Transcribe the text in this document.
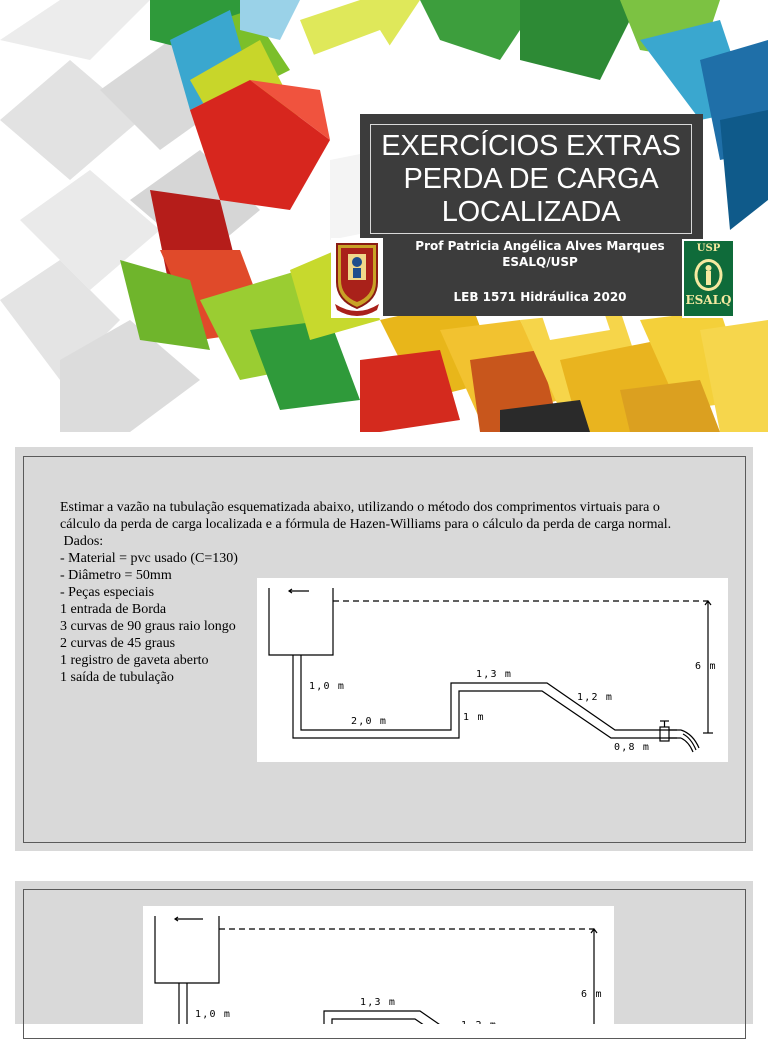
EXERCÍCIOS EXTRAS
PERDA DE CARGA
LOCALIZADA
Prof Patricia Angélica Alves Marques
ESALQ/USP
LEB 1571 Hidráulica 2020
USP
ESALQ
Estimar a vazão na tubulação esquematizada abaixo, utilizando o método dos comprimentos virtuais para o
cálculo da perda de carga localizada e a fórmula de Hazen-Williams para o cálculo da perda de carga normal.
Dados:
- Material = pvc usado (C=130)
- Diâmetro = 50mm
- Peças especiais
1 entrada de Borda
3 curvas de 90 graus raio longo
2 curvas de 45 graus
1 registro de gaveta aberto
1 saída de tubulação
1,0 m
2,0 m	1 m
1,3 m
1,2 m
0,8 m
6 m
1,0 m
1,3 m
1,2 m
6 m
